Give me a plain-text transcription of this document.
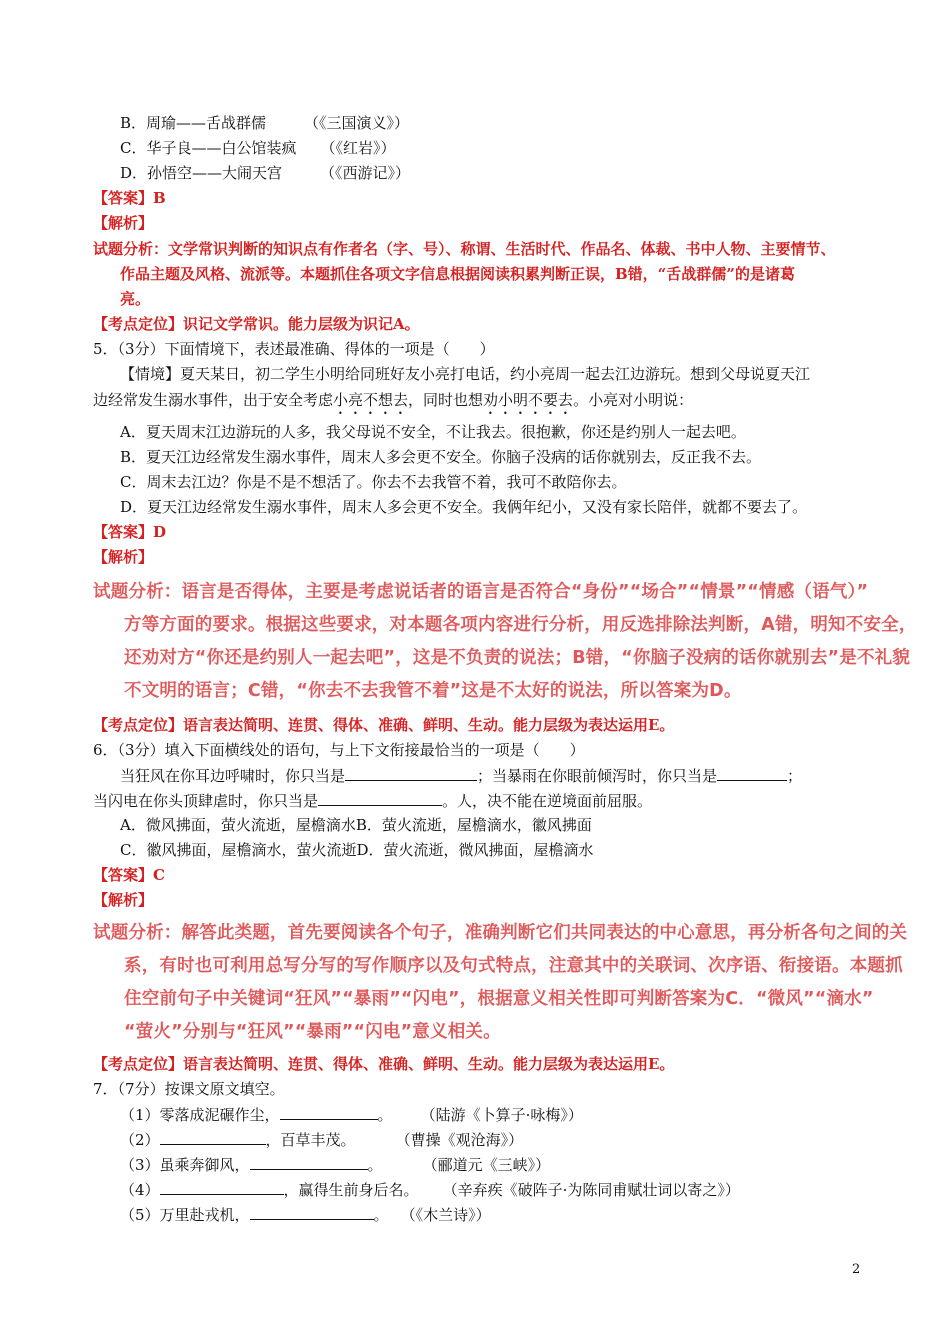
B．周瑜——舌战群儒	（《三国演义》）
C．华子良——白公馆装疯 （《红岩》）
D．孙悟空——大闹天宫	（《西游记》）
【答案】B
【解析】
试题分析：文学常识判断的知识点有作者名（字、号）、称谓、生活时代、作品名、体裁、书中人物、主要情节、
作品主题及风格、流派等。本题抓住各项文字信息根据阅读积累判断正误，B错，“舌战群儒”的是诸葛
亮。
【考点定位】识记文学常识。能力层级为识记A。
5．（3分）下面情境下，表述最准确、得体的一项是（　　）
【情境】夏天某日，初二学生小明给同班好友小亮打电话，约小亮周一起去江边游玩。想到父母说夏天江
边经常发生溺水事件，出于安全考虑小亮不想去，同时也想劝小明不要去。小亮对小明说：
A．夏天周末江边游玩的人多，我父母说不安全，不让我去。很抱歉，你还是约别人一起去吧。
B．夏天江边经常发生溺水事件，周末人多会更不安全。你脑子没病的话你就别去，反正我不去。
C．周末去江边？你是不是不想活了。你去不去我管不着，我可不敢陪你去。
D．夏天江边经常发生溺水事件，周末人多会更不安全。我俩年纪小，又没有家长陪伴，就都不要去了。
【答案】D
【解析】
试题分析：语言是否得体，主要是考虑说话者的语言是否符合“身份”“场合”“情景”“情感（语气）”
方等方面的要求。根据这些要求，对本题各项内容进行分析，用反选排除法判断，A错，明知不安全，
还劝对方“你还是约别人一起去吧”，这是不负责的说法；B错，“你脑子没病的话你就别去”是不礼貌
不文明的语言；C错，“你去不去我管不着”这是不太好的说法，所以答案为D。
【考点定位】语言表达简明、连贯、得体、准确、鲜明、生动。能力层级为表达运用E。
6．（3分）填入下面横线处的语句，与上下文衔接最恰当的一项是（　　）
当狂风在你耳边呼啸时，你只当是	；当暴雨在你眼前倾泻时，你只当是	；
当闪电在你头顶肆虐时，你只当是	。人，决不能在逆境面前屈服。
A．微风拂面，萤火流逝，屋檐滴水B．萤火流逝，屋檐滴水，徽风拂面
C．徽风拂面，屋檐滴水，萤火流逝D．萤火流逝，微风拂面，屋檐滴水
【答案】C
【解析】
试题分析：解答此类题，首先要阅读各个句子，准确判断它们共同表达的中心意思，再分析各句之间的关
系，有时也可利用总写分写的写作顺序以及句式特点，注意其中的关联词、次序语、衔接语。本题抓
住空前句子中关键词“狂风”“暴雨”“闪电”，根据意义相关性即可判断答案为C．“微风”“滴水”
“萤火”分别与“狂风”“暴雨”“闪电”意义相关。
【考点定位】语言表达简明、连贯、得体、准确、鲜明、生动。能力层级为表达运用E。
7．（7分）按课文原文填空。
（1）零落成泥碾作尘，	。 （陆游《卜算子·咏梅》）
（2）	，百草丰茂。	（曹操《观沧海》）
（3）虽乘奔御风，	。	（郦道元《三峡》）
（4）	，赢得生前身后名。 （辛弃疾《破阵子·为陈同甫赋壮词以寄之》）
（5）万里赴戎机，	。 （《木兰诗》）
2
